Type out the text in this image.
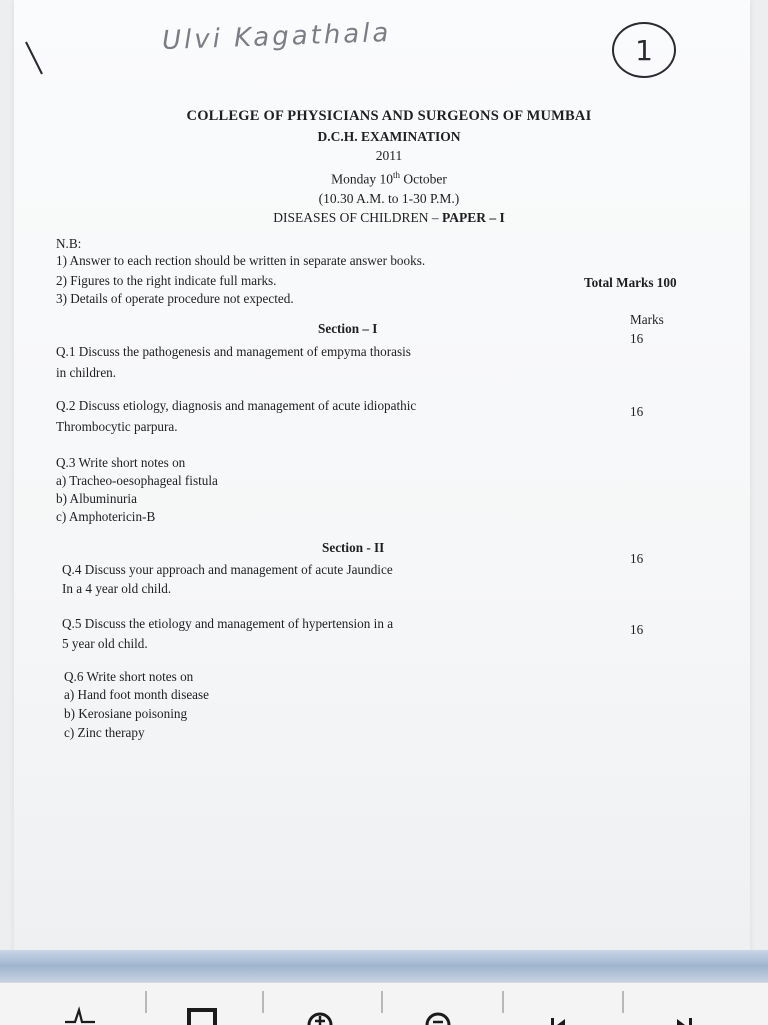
Ulvi Kagathala	1
COLLEGE OF PHYSICIANS AND SURGEONS OF MUMBAI
D.C.H. EXAMINATION
2011
Monday 10th October
(10.30 A.M. to 1-30 P.M.)
DISEASES OF CHILDREN – PAPER – I
N.B:
1) Answer to each rection should be written in separate answer books.
2) Figures to the right indicate full marks.
3) Details of operate procedure not expected.
Total Marks 100
Marks
Section – I
Q.1 Discuss the pathogenesis and management of empyma thorasis
in children.
16
Q.2 Discuss etiology, diagnosis and management of acute idiopathic
Thrombocytic parpura.
16
Q.3 Write short notes on
a) Tracheo-oesophageal fistula
b) Albuminuria
c) Amphotericin-B
Section - II
Q.4 Discuss your approach and management of acute Jaundice
In a 4 year old child.
16
Q.5 Discuss the etiology and management of hypertension in a
5 year old child.
16
Q.6 Write short notes on
a) Hand foot month disease
b) Kerosiane poisoning
c) Zinc therapy
